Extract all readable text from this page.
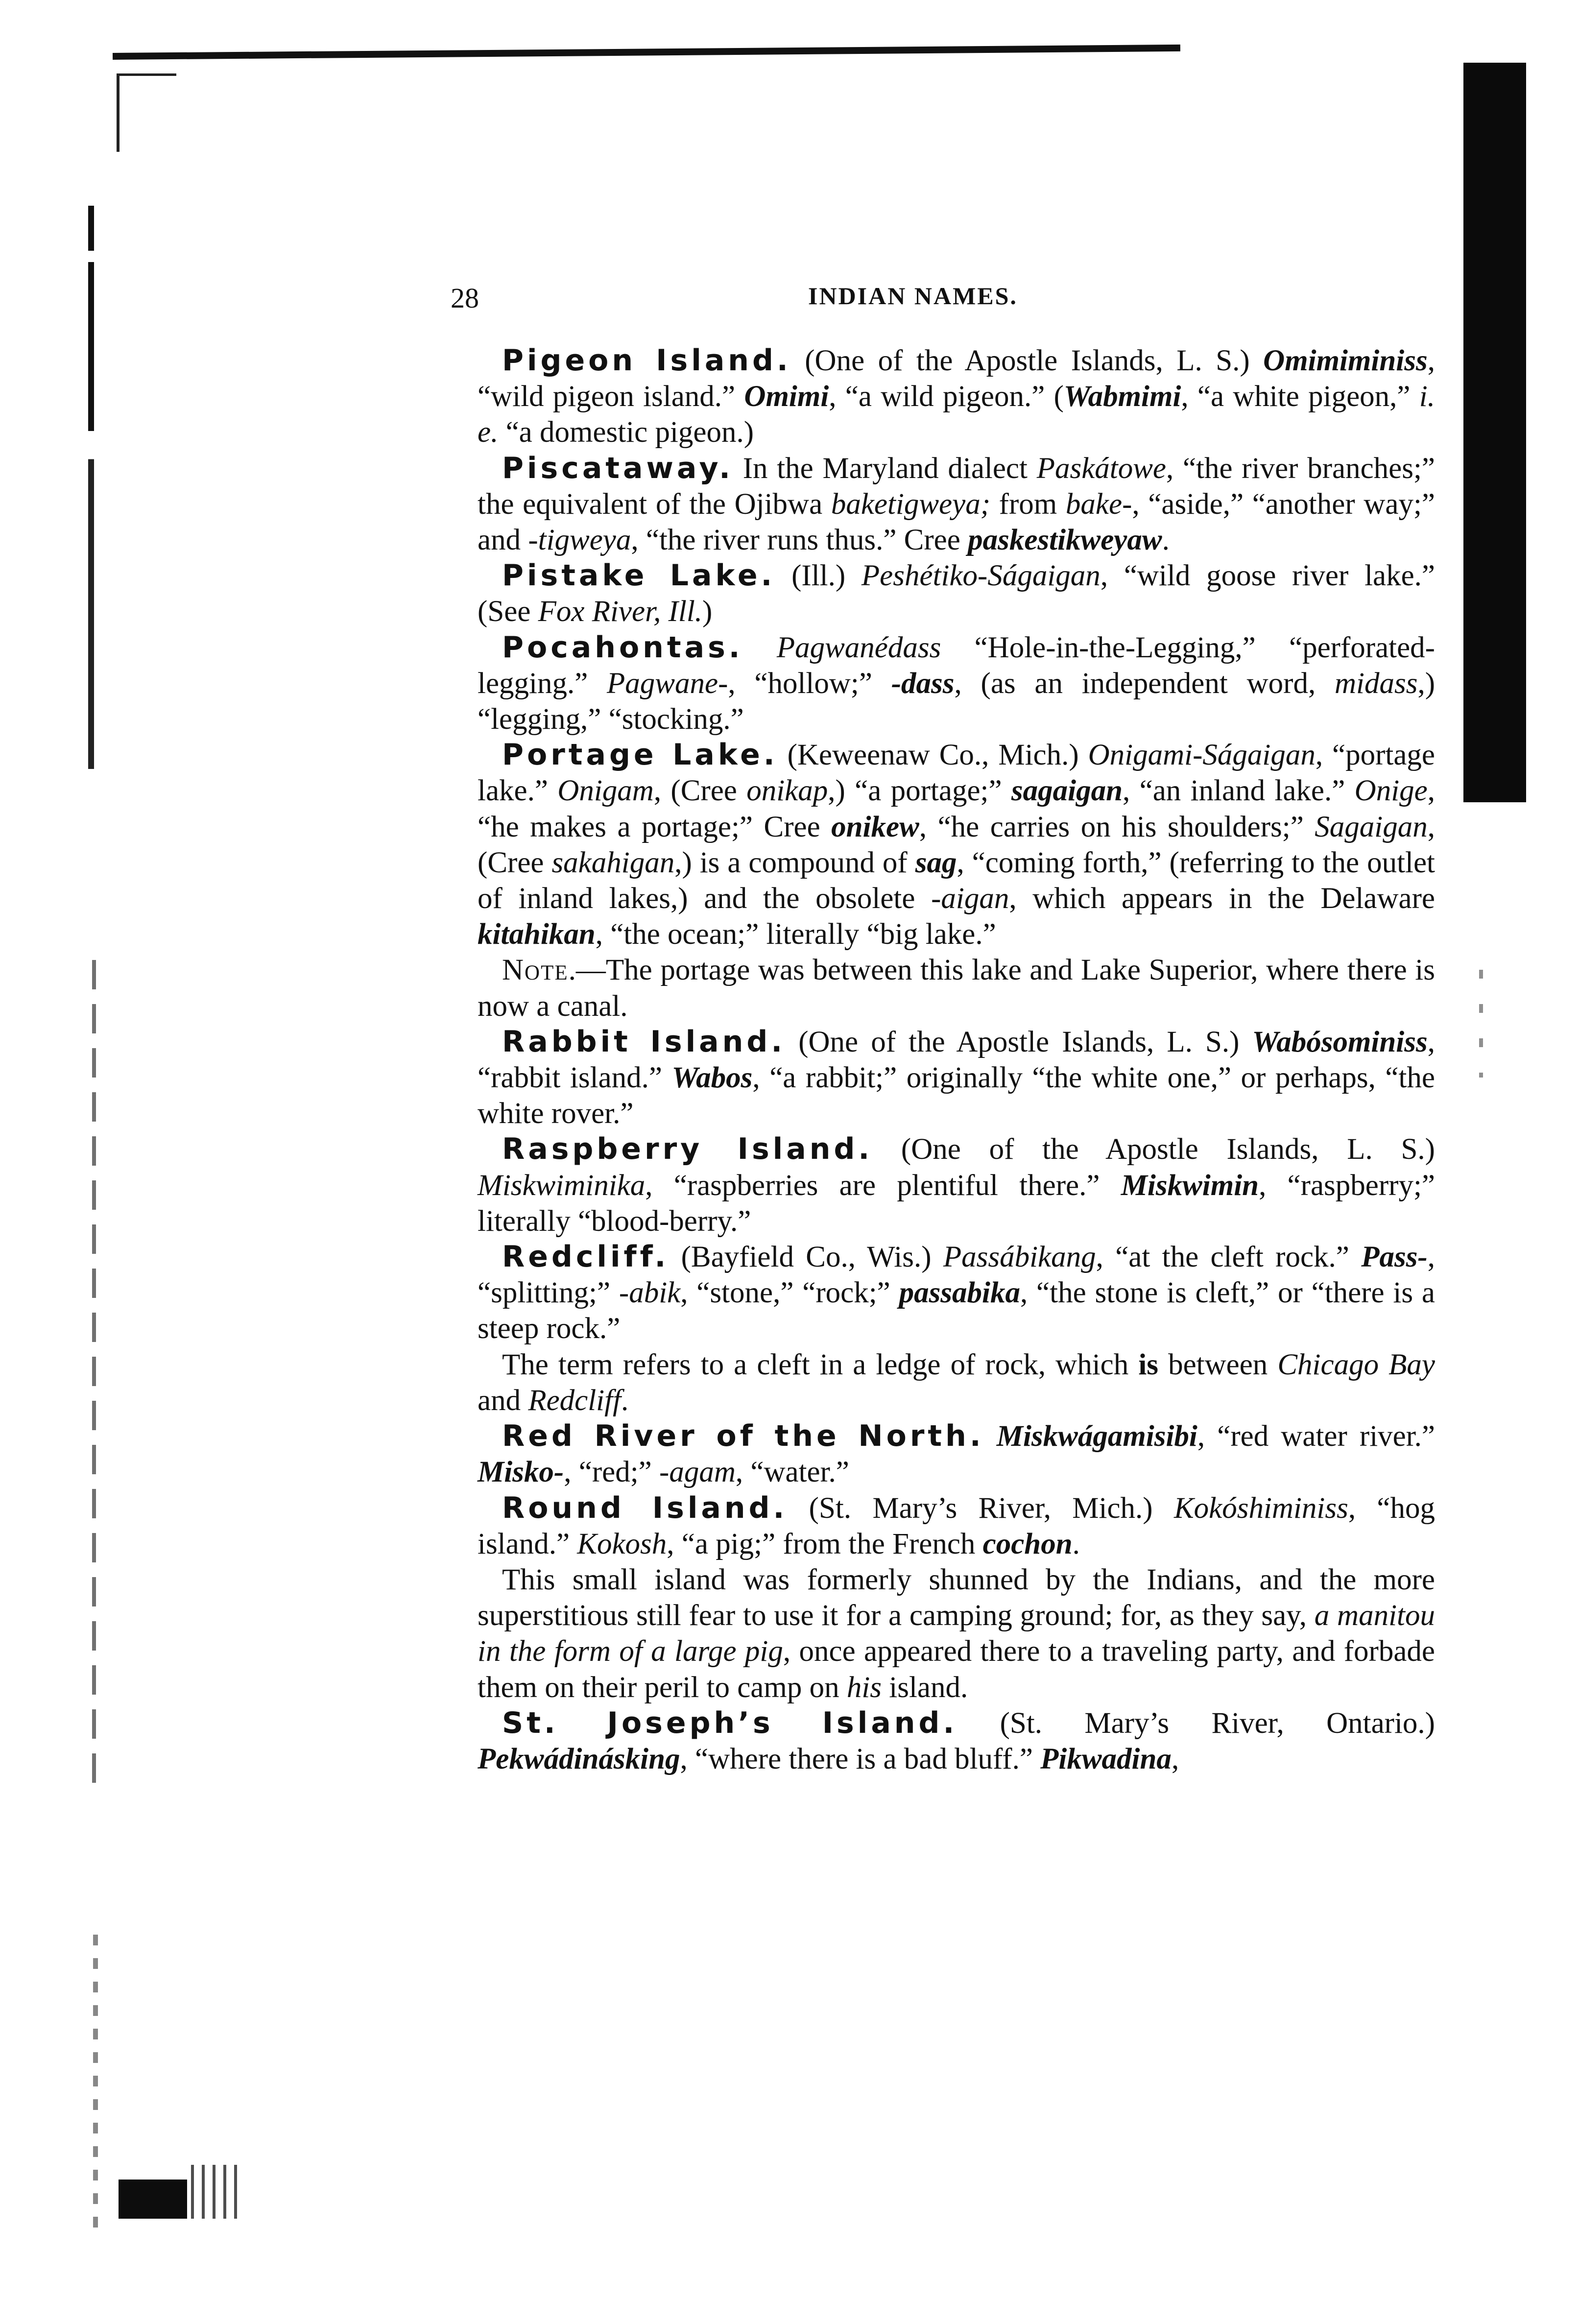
28	INDIAN NAMES.

Pigeon Island. (One of the Apostle Islands, L. S.) Omimiminiss, “wild pigeon island.” Omimi, “a wild pigeon.” (Wabmimi, “a white pigeon,” i. e. “a domestic pigeon.)

Piscataway. In the Maryland dialect Paskátowe, “the river branches;” the equivalent of the Ojibwa baketigweya; from bake-, “aside,” “another way;” and -tigweya, “the river runs thus.” Cree paskestikweyaw.

Pistake Lake. (Ill.) Peshétiko-Ságaigan, “wild goose river lake.” (See Fox River, Ill.)

Pocahontas. Pagwanédass “Hole-in-the-Legging,” “perforated-legging.” Pagwane-, “hollow;” -dass, (as an independent word, midass,) “legging,” “stocking.”

Portage Lake. (Keweenaw Co., Mich.) Onigami-Ságaigan, “portage lake.” Onigam, (Cree onikap,) “a portage;” sagaigan, “an inland lake.” Onige, “he makes a portage;” Cree onikew, “he carries on his shoulders;” Sagaigan, (Cree sakahigan,) is a compound of sag, “coming forth,” (referring to the outlet of inland lakes,) and the obsolete -aigan, which appears in the Delaware kitahikan, “the ocean;” literally “big lake.”

Note.—The portage was between this lake and Lake Superior, where there is now a canal.

Rabbit Island. (One of the Apostle Islands, L. S.) Wabósominiss, “rabbit island.” Wabos, “a rabbit;” originally “the white one,” or perhaps, “the white rover.”

Raspberry Island. (One of the Apostle Islands, L. S.) Miskwiminika, “raspberries are plentiful there.” Miskwimin, “raspberry;” literally “blood-berry.”

Redcliff. (Bayfield Co., Wis.) Passábikang, “at the cleft rock.” Pass-, “splitting;” -abik, “stone,” “rock;” passabika, “the stone is cleft,” or “there is a steep rock.”

The term refers to a cleft in a ledge of rock, which is between Chicago Bay and Redcliff.

Red River of the North. Miskwágamisibi, “red water river.” Misko-, “red;” -agam, “water.”

Round Island. (St. Mary’s River, Mich.) Kokóshiminiss, “hog island.” Kokosh, “a pig;” from the French cochon.

This small island was formerly shunned by the Indians, and the more superstitious still fear to use it for a camping ground; for, as they say, a manitou in the form of a large pig, once appeared there to a traveling party, and forbade them on their peril to camp on his island.

St. Joseph’s Island. (St. Mary’s River, Ontario.) Pekwádinásking, “where there is a bad bluff.” Pikwadina,
